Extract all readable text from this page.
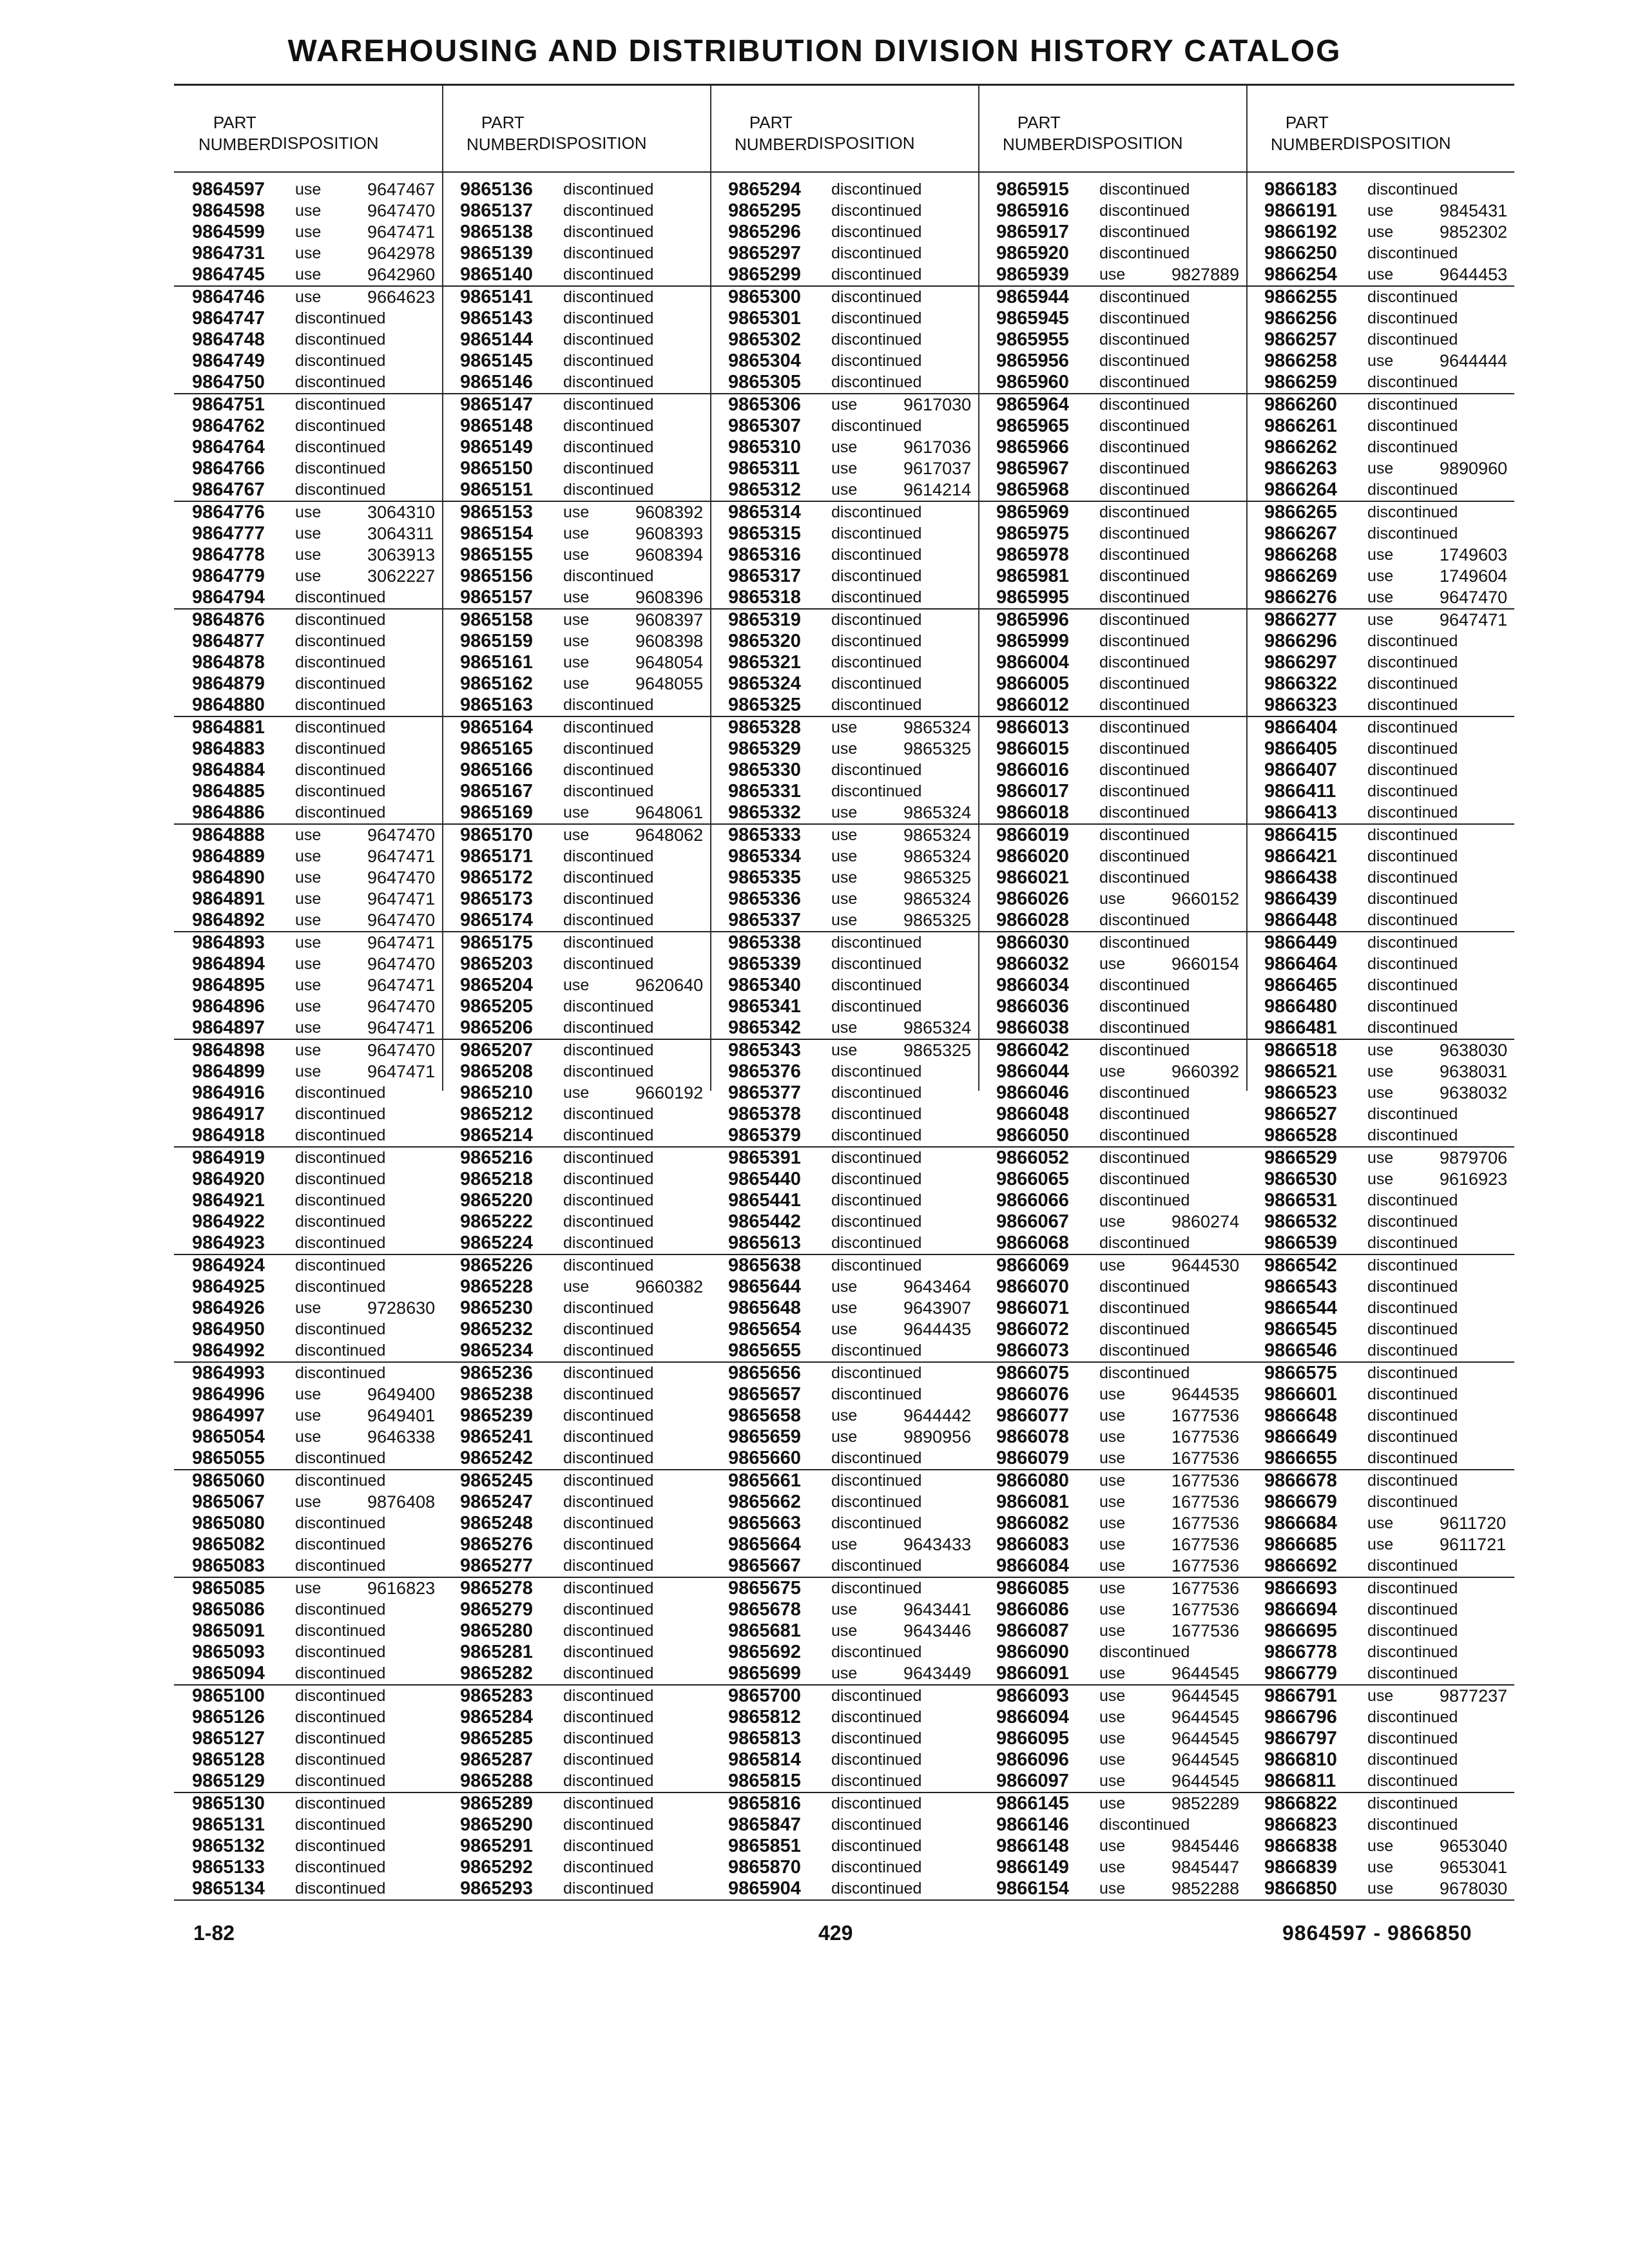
WAREHOUSING AND DISTRIBUTION DIVISION HISTORY CATALOG
PART
NUMBER DISPOSITION
9864597 use	9647467
9864598 use	9647470
9864599 use	9647471
9864731 use	9642978
9864745 use	9642960
9864746 use	9664623
9864747 discontinued
9864748 discontinued
9864749 discontinued
9864750 discontinued
9864751 discontinued
9864762 discontinued
9864764 discontinued
9864766 discontinued
9864767 discontinued
9864776 use	3064310
9864777 use	3064311
9864778 use	3063913
9864779 use	3062227
9864794 discontinued
9864876 discontinued
9864877 discontinued
9864878 discontinued
9864879 discontinued
9864880 discontinued
9864881 discontinued
9864883 discontinued
9864884 discontinued
9864885 discontinued
9864886 discontinued
9864888 use	9647470
9864889 use	9647471
9864890 use	9647470
9864891 use	9647471
9864892 use	9647470
9864893 use	9647471
9864894 use	9647470
9864895 use	9647471
9864896 use	9647470
9864897 use	9647471
9864898 use	9647470
9864899 use	9647471
9864916 discontinued
9864917 discontinued
9864918 discontinued
9864919 discontinued
9864920 discontinued
9864921 discontinued
9864922 discontinued
9864923 discontinued
9864924 discontinued
9864925 discontinued
9864926 use	9728630
9864950 discontinued
9864992 discontinued
9864993 discontinued
9864996 use	9649400
9864997 use	9649401
9865054 use	9646338
9865055 discontinued
9865060 discontinued
9865067 use	9876408
9865080 discontinued
9865082 discontinued
9865083 discontinued
9865085 use	9616823
9865086 discontinued
9865091 discontinued
9865093 discontinued
9865094 discontinued
9865100 discontinued
9865126 discontinued
9865127 discontinued
9865128 discontinued
9865129 discontinued
9865130 discontinued
9865131 discontinued
9865132 discontinued
9865133 discontinued
9865134 discontinued
PART
NUMBER DISPOSITION
9865136 discontinued
9865137 discontinued
9865138 discontinued
9865139 discontinued
9865140 discontinued
9865141 discontinued
9865143 discontinued
9865144 discontinued
9865145 discontinued
9865146 discontinued
9865147 discontinued
9865148 discontinued
9865149 discontinued
9865150 discontinued
9865151 discontinued
9865153 use	9608392
9865154 use	9608393
9865155 use	9608394
9865156 discontinued
9865157 use	9608396
9865158 use	9608397
9865159 use	9608398
9865161 use	9648054
9865162 use	9648055
9865163 discontinued
9865164 discontinued
9865165 discontinued
9865166 discontinued
9865167 discontinued
9865169 use	9648061
9865170 use	9648062
9865171 discontinued
9865172 discontinued
9865173 discontinued
9865174 discontinued
9865175 discontinued
9865203 discontinued
9865204 use	9620640
9865205 discontinued
9865206 discontinued
9865207 discontinued
9865208 discontinued
9865210 use	9660192
9865212 discontinued
9865214 discontinued
9865216 discontinued
9865218 discontinued
9865220 discontinued
9865222 discontinued
9865224 discontinued
9865226 discontinued
9865228 use	9660382
9865230 discontinued
9865232 discontinued
9865234 discontinued
9865236 discontinued
9865238 discontinued
9865239 discontinued
9865241 discontinued
9865242 discontinued
9865245 discontinued
9865247 discontinued
9865248 discontinued
9865276 discontinued
9865277 discontinued
9865278 discontinued
9865279 discontinued
9865280 discontinued
9865281 discontinued
9865282 discontinued
9865283 discontinued
9865284 discontinued
9865285 discontinued
9865287 discontinued
9865288 discontinued
9865289 discontinued
9865290 discontinued
9865291 discontinued
9865292 discontinued
9865293 discontinued
PART
NUMBER DISPOSITION
9865294 discontinued
9865295 discontinued
9865296 discontinued
9865297 discontinued
9865299 discontinued
9865300 discontinued
9865301 discontinued
9865302 discontinued
9865304 discontinued
9865305 discontinued
9865306 use	9617030
9865307 discontinued
9865310 use	9617036
9865311 use	9617037
9865312 use	9614214
9865314 discontinued
9865315 discontinued
9865316 discontinued
9865317 discontinued
9865318 discontinued
9865319 discontinued
9865320 discontinued
9865321 discontinued
9865324 discontinued
9865325 discontinued
9865328 use	9865324
9865329 use	9865325
9865330 discontinued
9865331 discontinued
9865332 use	9865324
9865333 use	9865324
9865334 use	9865324
9865335 use	9865325
9865336 use	9865324
9865337 use	9865325
9865338 discontinued
9865339 discontinued
9865340 discontinued
9865341 discontinued
9865342 use	9865324
9865343 use	9865325
9865376 discontinued
9865377 discontinued
9865378 discontinued
9865379 discontinued
9865391 discontinued
9865440 discontinued
9865441 discontinued
9865442 discontinued
9865613 discontinued
9865638 discontinued
9865644 use	9643464
9865648 use	9643907
9865654 use	9644435
9865655 discontinued
9865656 discontinued
9865657 discontinued
9865658 use	9644442
9865659 use	9890956
9865660 discontinued
9865661 discontinued
9865662 discontinued
9865663 discontinued
9865664 use	9643433
9865667 discontinued
9865675 discontinued
9865678 use	9643441
9865681 use	9643446
9865692 discontinued
9865699 use	9643449
9865700 discontinued
9865812 discontinued
9865813 discontinued
9865814 discontinued
9865815 discontinued
9865816 discontinued
9865847 discontinued
9865851 discontinued
9865870 discontinued
9865904 discontinued
PART
NUMBER DISPOSITION
9865915 discontinued
9865916 discontinued
9865917 discontinued
9865920 discontinued
9865939 use	9827889
9865944 discontinued
9865945 discontinued
9865955 discontinued
9865956 discontinued
9865960 discontinued
9865964 discontinued
9865965 discontinued
9865966 discontinued
9865967 discontinued
9865968 discontinued
9865969 discontinued
9865975 discontinued
9865978 discontinued
9865981 discontinued
9865995 discontinued
9865996 discontinued
9865999 discontinued
9866004 discontinued
9866005 discontinued
9866012 discontinued
9866013 discontinued
9866015 discontinued
9866016 discontinued
9866017 discontinued
9866018 discontinued
9866019 discontinued
9866020 discontinued
9866021 discontinued
9866026 use	9660152
9866028 discontinued
9866030 discontinued
9866032 use	9660154
9866034 discontinued
9866036 discontinued
9866038 discontinued
9866042 discontinued
9866044 use	9660392
9866046 discontinued
9866048 discontinued
9866050 discontinued
9866052 discontinued
9866065 discontinued
9866066 discontinued
9866067 use	9860274
9866068 discontinued
9866069 use	9644530
9866070 discontinued
9866071 discontinued
9866072 discontinued
9866073 discontinued
9866075 discontinued
9866076 use	9644535
9866077 use	1677536
9866078 use	1677536
9866079 use	1677536
9866080 use	1677536
9866081 use	1677536
9866082 use	1677536
9866083 use	1677536
9866084 use	1677536
9866085 use	1677536
9866086 use	1677536
9866087 use	1677536
9866090 discontinued
9866091 use	9644545
9866093 use	9644545
9866094 use	9644545
9866095 use	9644545
9866096 use	9644545
9866097 use	9644545
9866145 use	9852289
9866146 discontinued
9866148 use	9845446
9866149 use	9845447
9866154 use	9852288
PART
NUMBER DISPOSITION
9866183 discontinued
9866191 use	9845431
9866192 use	9852302
9866250 discontinued
9866254 use	9644453
9866255 discontinued
9866256 discontinued
9866257 discontinued
9866258 use	9644444
9866259 discontinued
9866260 discontinued
9866261 discontinued
9866262 discontinued
9866263 use	9890960
9866264 discontinued
9866265 discontinued
9866267 discontinued
9866268 use	1749603
9866269 use	1749604
9866276 use	9647470
9866277 use	9647471
9866296 discontinued
9866297 discontinued
9866322 discontinued
9866323 discontinued
9866404 discontinued
9866405 discontinued
9866407 discontinued
9866411 discontinued
9866413 discontinued
9866415 discontinued
9866421 discontinued
9866438 discontinued
9866439 discontinued
9866448 discontinued
9866449 discontinued
9866464 discontinued
9866465 discontinued
9866480 discontinued
9866481 discontinued
9866518 use	9638030
9866521 use	9638031
9866523 use	9638032
9866527 discontinued
9866528 discontinued
9866529 use	9879706
9866530 use	9616923
9866531 discontinued
9866532 discontinued
9866539 discontinued
9866542 discontinued
9866543 discontinued
9866544 discontinued
9866545 discontinued
9866546 discontinued
9866575 discontinued
9866601 discontinued
9866648 discontinued
9866649 discontinued
9866655 discontinued
9866678 discontinued
9866679 discontinued
9866684 use	9611720
9866685 use	9611721
9866692 discontinued
9866693 discontinued
9866694 discontinued
9866695 discontinued
9866778 discontinued
9866779 discontinued
9866791 use	9877237
9866796 discontinued
9866797 discontinued
9866810 discontinued
9866811 discontinued
9866822 discontinued
9866823 discontinued
9866838 use	9653040
9866839 use	9653041
9866850 use	9678030
1-82	429	9864597 - 9866850
